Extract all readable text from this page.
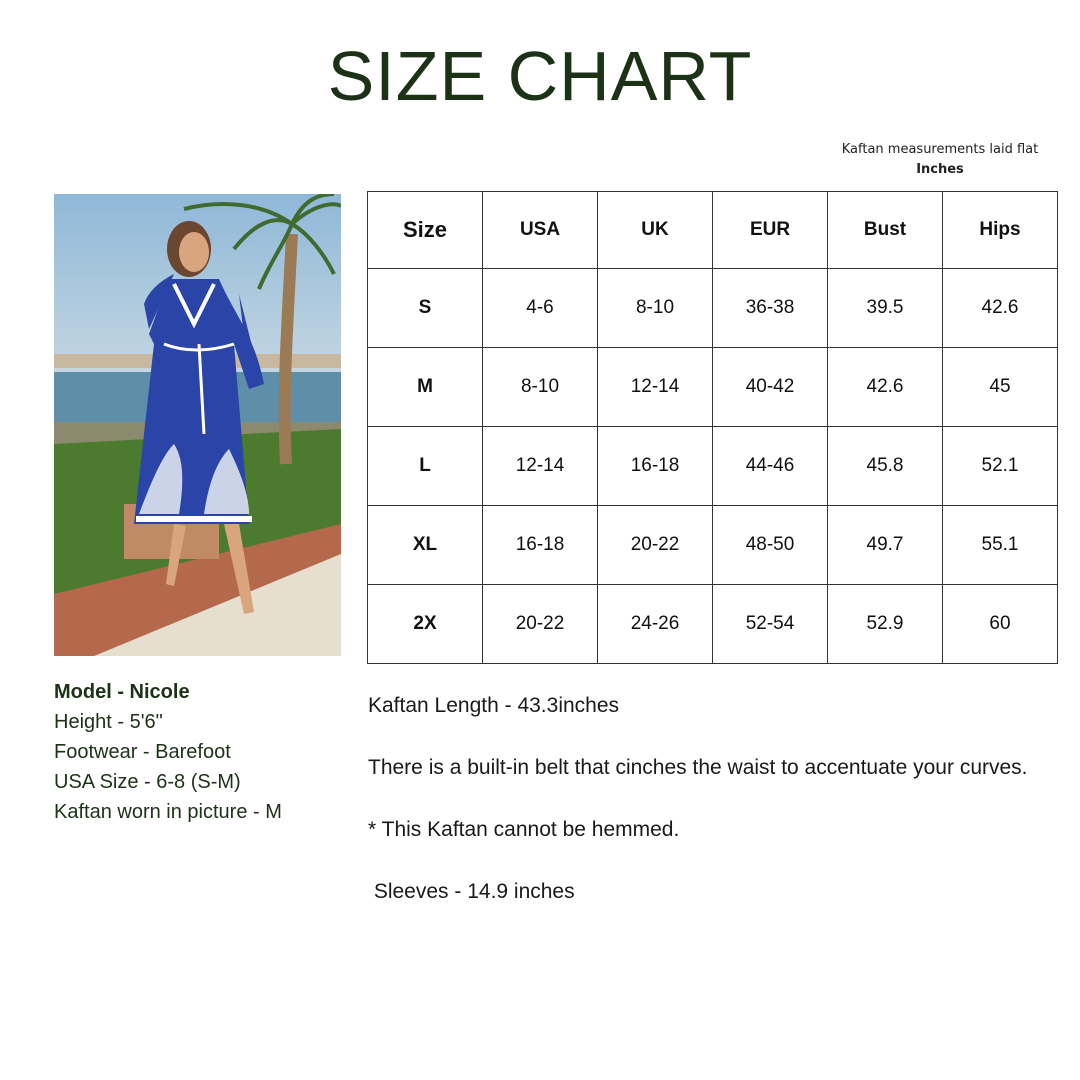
SIZE CHART
Kaftan measurements laid flat
Inches
Model - Nicole
Height - 5'6"
Footwear - Barefoot
USA Size - 6-8 (S-M)
Kaftan worn in picture - M
Size	USA	UK	EUR	Bust	Hips
S	4-6	8-10	36-38	39.5	42.6
M	8-10	12-14	40-42	42.6	45
L	12-14	16-18	44-46	45.8	52.1
XL	16-18	20-22	48-50	49.7	55.1
2X	20-22	24-26	52-54	52.9	60

Kaftan Length - 43.3inches

There is a built-in belt that cinches the waist to accentuate your curves.

* This Kaftan cannot be hemmed.

Sleeves - 14.9 inches
